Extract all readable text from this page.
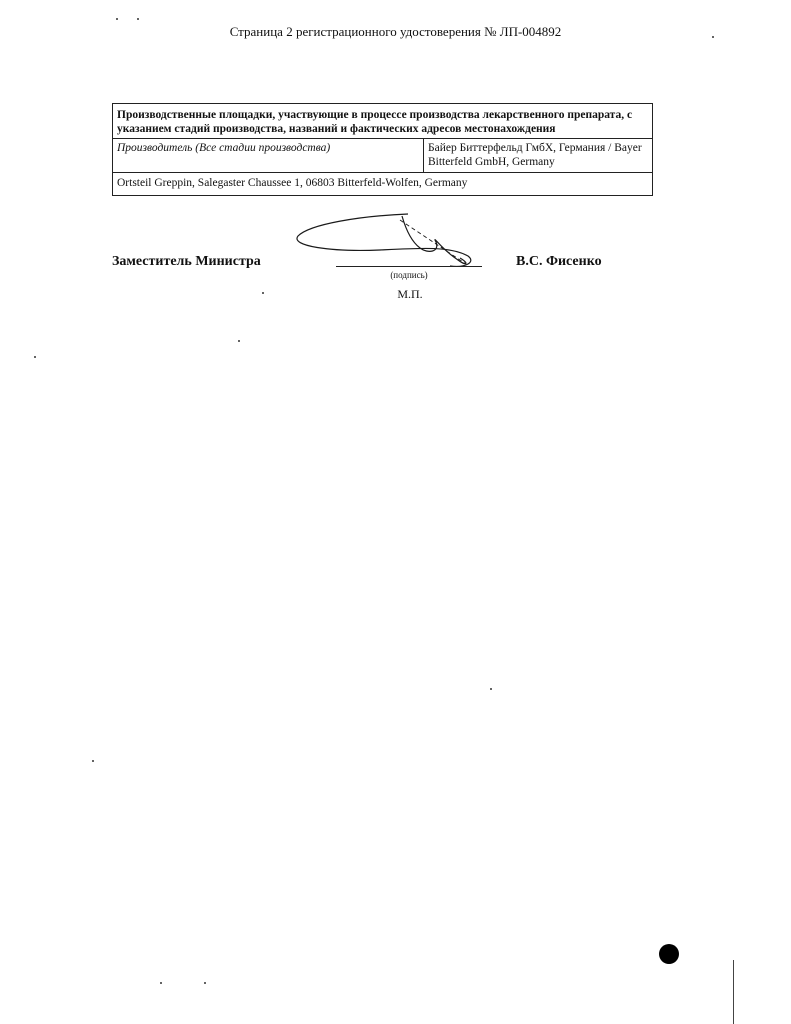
Страница 2 регистрационного удостоверения № ЛП-004892
Производственные площадки, участвующие в процессе производства лекарственного препарата, с указанием стадий производства, названий и фактических адресов местонахождения
Производитель (Все стадии производства)	Байер Биттерфельд ГмбХ, Германия / Bayer Bitterfeld GmbH, Germany
Ortsteil Greppin, Salegaster Chaussee 1, 06803 Bitterfeld-Wolfen, Germany
Заместитель Министра
(подпись)
В.С. Фисенко
М.П.
